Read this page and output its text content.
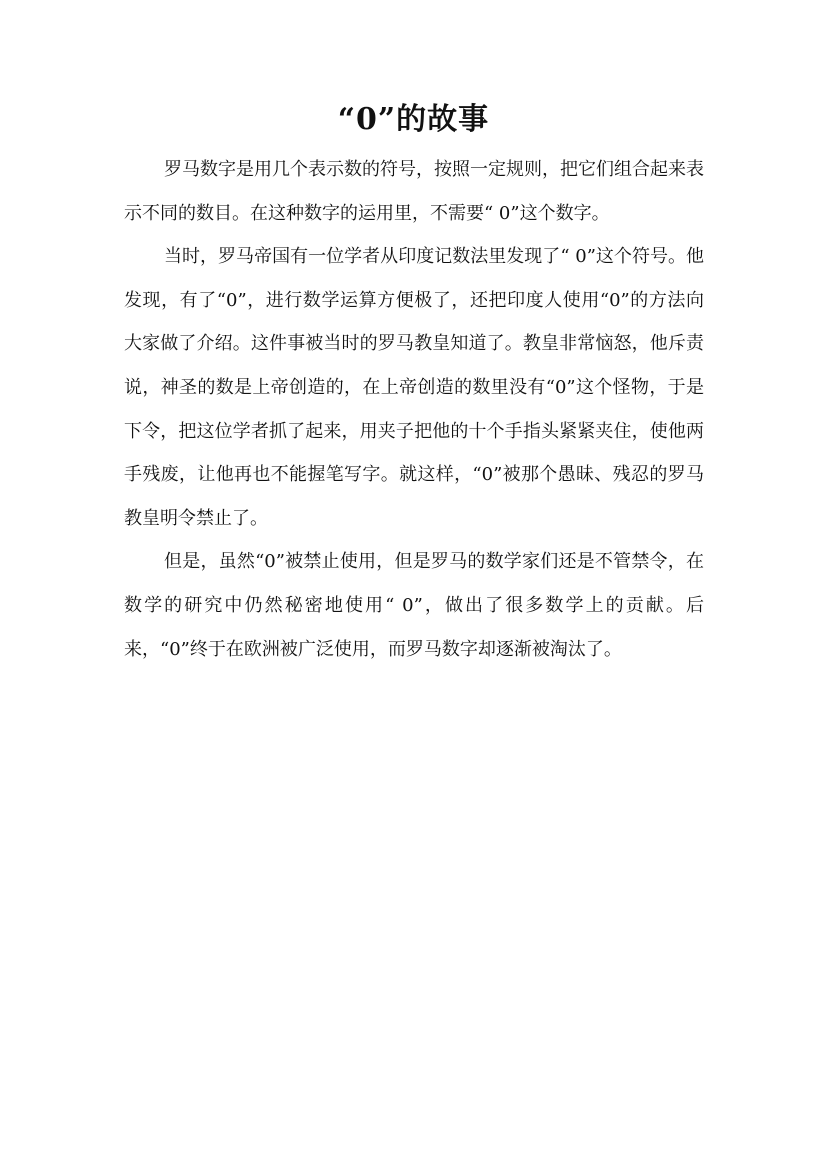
“0”的故事

罗马数字是用几个表示数的符号，按照一定规则，把它们组合起来表示不同的数目。在这种数字的运用里，不需要“ 0”这个数字。

当时，罗马帝国有一位学者从印度记数法里发现了“ 0”这个符号。他发现，有了“0”，进行数学运算方便极了，还把印度人使用“0”的方法向大家做了介绍。这件事被当时的罗马教皇知道了。教皇非常恼怒，他斥责说，神圣的数是上帝创造的，在上帝创造的数里没有“0”这个怪物，于是下令，把这位学者抓了起来，用夹子把他的十个手指头紧紧夹住，使他两手残废，让他再也不能握笔写字。就这样，“0”被那个愚昧、残忍的罗马教皇明令禁止了。

但是，虽然“0”被禁止使用，但是罗马的数学家们还是不管禁令，在数学的研究中仍然秘密地使用“ 0”，做出了很多数学上的贡献。后来，“0”终于在欧洲被广泛使用，而罗马数字却逐渐被淘汰了。
